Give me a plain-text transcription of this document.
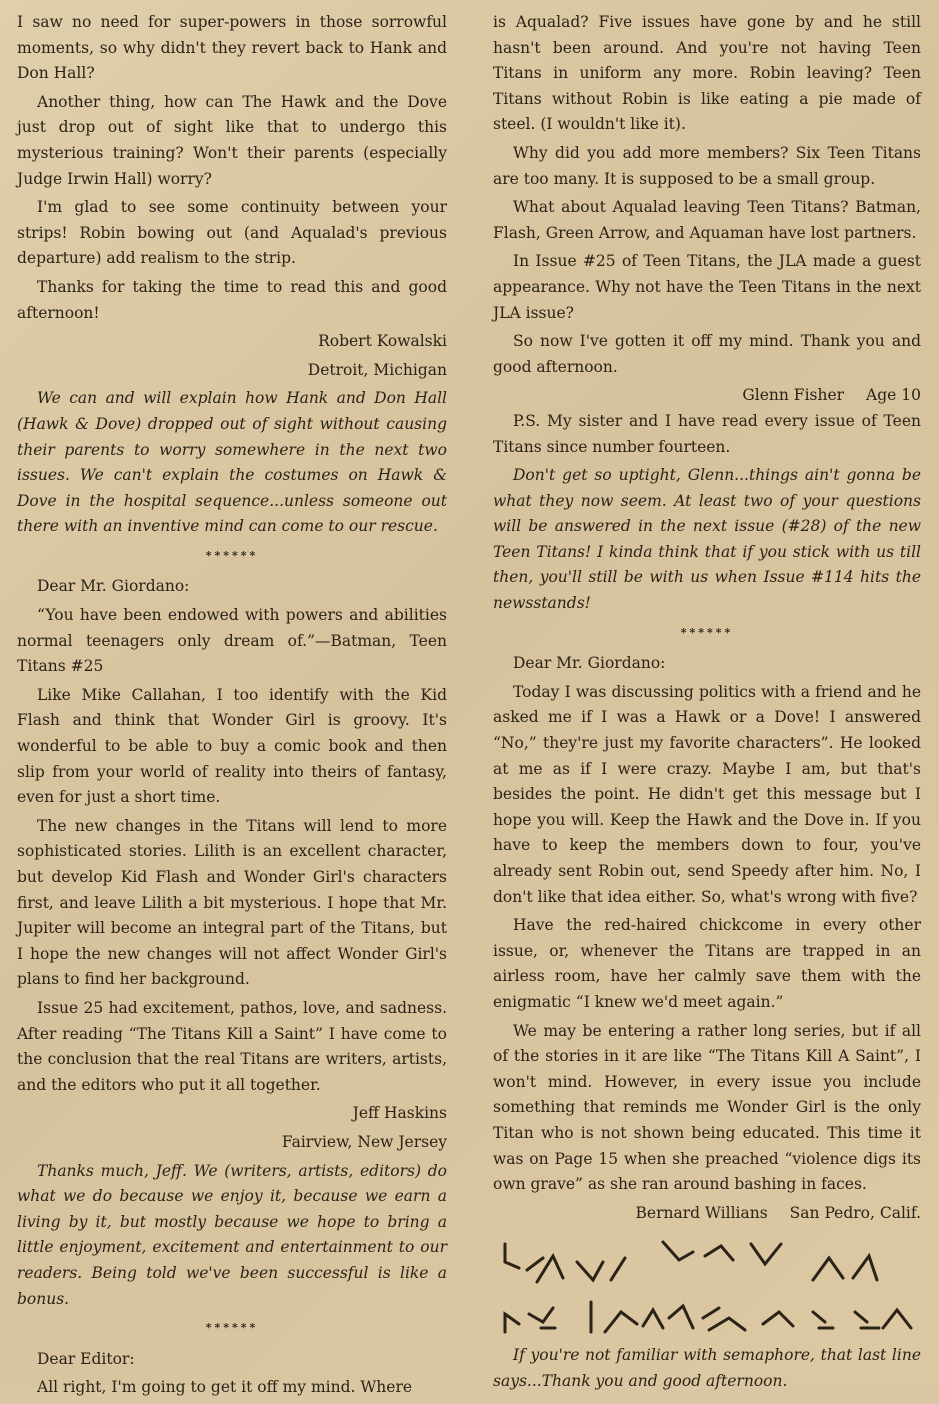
I saw no need for super-powers in those sorrowful moments, so why didn't they revert back to Hank and Don Hall?

Another thing, how can The Hawk and the Dove just drop out of sight like that to undergo this mysterious training? Won't their parents (especially Judge Irwin Hall) worry?

I'm glad to see some continuity between your strips! Robin bowing out (and Aqualad's previous departure) add realism to the strip.

Thanks for taking the time to read this and good afternoon!

Robert Kowalski

Detroit, Michigan

We can and will explain how Hank and Don Hall (Hawk & Dove) dropped out of sight without causing their parents to worry somewhere in the next two issues. We can't explain the costumes on Hawk & Dove in the hospital sequence...unless someone out there with an inventive mind can come to our rescue.

******

Dear Mr. Giordano:

“You have been endowed with powers and abilities normal teenagers only dream of.”—Batman, Teen Titans #25

Like Mike Callahan, I too identify with the Kid Flash and think that Wonder Girl is groovy. It's wonderful to be able to buy a comic book and then slip from your world of reality into theirs of fantasy, even for just a short time.

The new changes in the Titans will lend to more sophisticated stories. Lilith is an excellent character, but develop Kid Flash and Wonder Girl's characters first, and leave Lilith a bit mysterious. I hope that Mr. Jupiter will become an integral part of the Titans, but I hope the new changes will not affect Wonder Girl's plans to find her background.

Issue 25 had excitement, pathos, love, and sadness. After reading “The Titans Kill a Saint” I have come to the conclusion that the real Titans are writers, artists, and the editors who put it all together.

Jeff Haskins

Fairview, New Jersey

Thanks much, Jeff. We (writers, artists, editors) do what we do because we enjoy it, because we earn a living by it, but mostly because we hope to bring a little enjoyment, excitement and entertainment to our readers. Being told we've been successful is like a bonus.

******

Dear Editor:

All right, I'm going to get it off my mind. Where

is Aqualad? Five issues have gone by and he still hasn't been around. And you're not having Teen Titans in uniform any more. Robin leaving? Teen Titans without Robin is like eating a pie made of steel. (I wouldn't like it).

Why did you add more members? Six Teen Titans are too many. It is supposed to be a small group.

What about Aqualad leaving Teen Titans? Batman, Flash, Green Arrow, and Aquaman have lost partners.

In Issue #25 of Teen Titans, the JLA made a guest appearance. Why not have the Teen Titans in the next JLA issue?

So now I've gotten it off my mind. Thank you and good afternoon.

Glenn Fisher Age 10

P.S. My sister and I have read every issue of Teen Titans since number fourteen.

Don't get so uptight, Glenn...things ain't gonna be what they now seem. At least two of your questions will be answered in the next issue (#28) of the new Teen Titans! I kinda think that if you stick with us till then, you'll still be with us when Issue #114 hits the newsstands!

******

Dear Mr. Giordano:

Today I was discussing politics with a friend and he asked me if I was a Hawk or a Dove! I answered “No,” they're just my favorite characters”. He looked at me as if I were crazy. Maybe I am, but that's besides the point. He didn't get this message but I hope you will. Keep the Hawk and the Dove in. If you have to keep the members down to four, you've already sent Robin out, send Speedy after him. No, I don't like that idea either. So, what's wrong with five?

Have the red-haired chickcome in every other issue, or, whenever the Titans are trapped in an airless room, have her calmly save them with the enigmatic “I knew we'd meet again.”

We may be entering a rather long series, but if all of the stories in it are like “The Titans Kill A Saint”, I won't mind. However, in every issue you include something that reminds me Wonder Girl is the only Titan who is not shown being educated. This time it was on Page 15 when she preached “violence digs its own grave” as she ran around bashing in faces.

Bernard Willians San Pedro, Calif.

If you're not familiar with semaphore, that last line says...Thank you and good afternoon.
